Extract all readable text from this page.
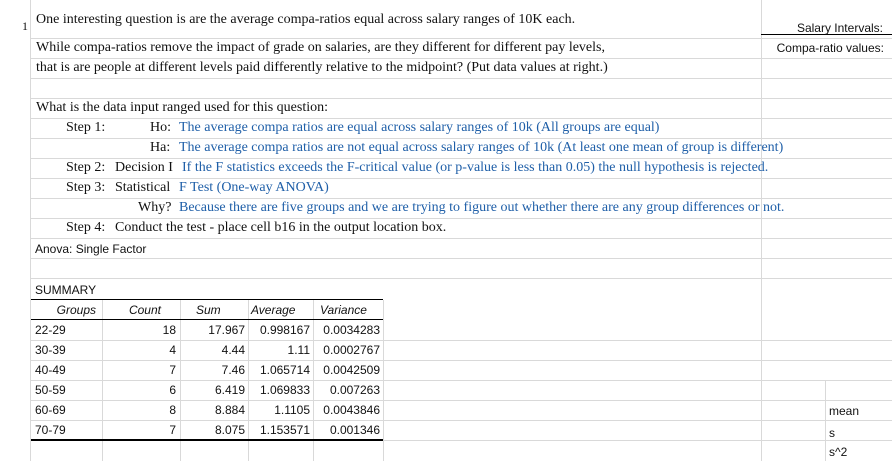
1 One interesting question is are the average compa-ratios equal across salary ranges of 10K each.
While compa-ratios remove the impact of grade on salaries, are they different for different pay levels,
that is are people at different levels paid differently relative to the midpoint? (Put data values at right.)
Salary Intervals:
Compa-ratio values:
What is the data input ranged used for this question:
Step 1:	Ho: The average compa ratios are equal across salary ranges of 10k (All groups are equal)
Ha: The average compa ratios are not equal across salary ranges of 10k (At least one mean of group is different)
Step 2: Decision I If the F statistics exceeds the F-critical value (or p-value is less than 0.05) the null hypothesis is rejected.
Step 3: Statistical F Test (One-way ANOVA)
Why? Because there are five groups and we are trying to figure out whether there are any group differences or not.
Step 4: Conduct the test - place cell b16 in the output location box.
Anova: Single Factor
SUMMARY
Groups	Count	Sum	Average Variance
22-29	18	17.967	0.998167	0.0034283
30-39	4	4.44	1.11	0.0002767
40-49	7	7.46	1.065714	0.0042509
50-59	6	6.419	1.069833	0.007263
60-69	8	8.884	1.1105	0.0043846
70-79	7	8.075	1.153571	0.001346
mean
s
s^2
